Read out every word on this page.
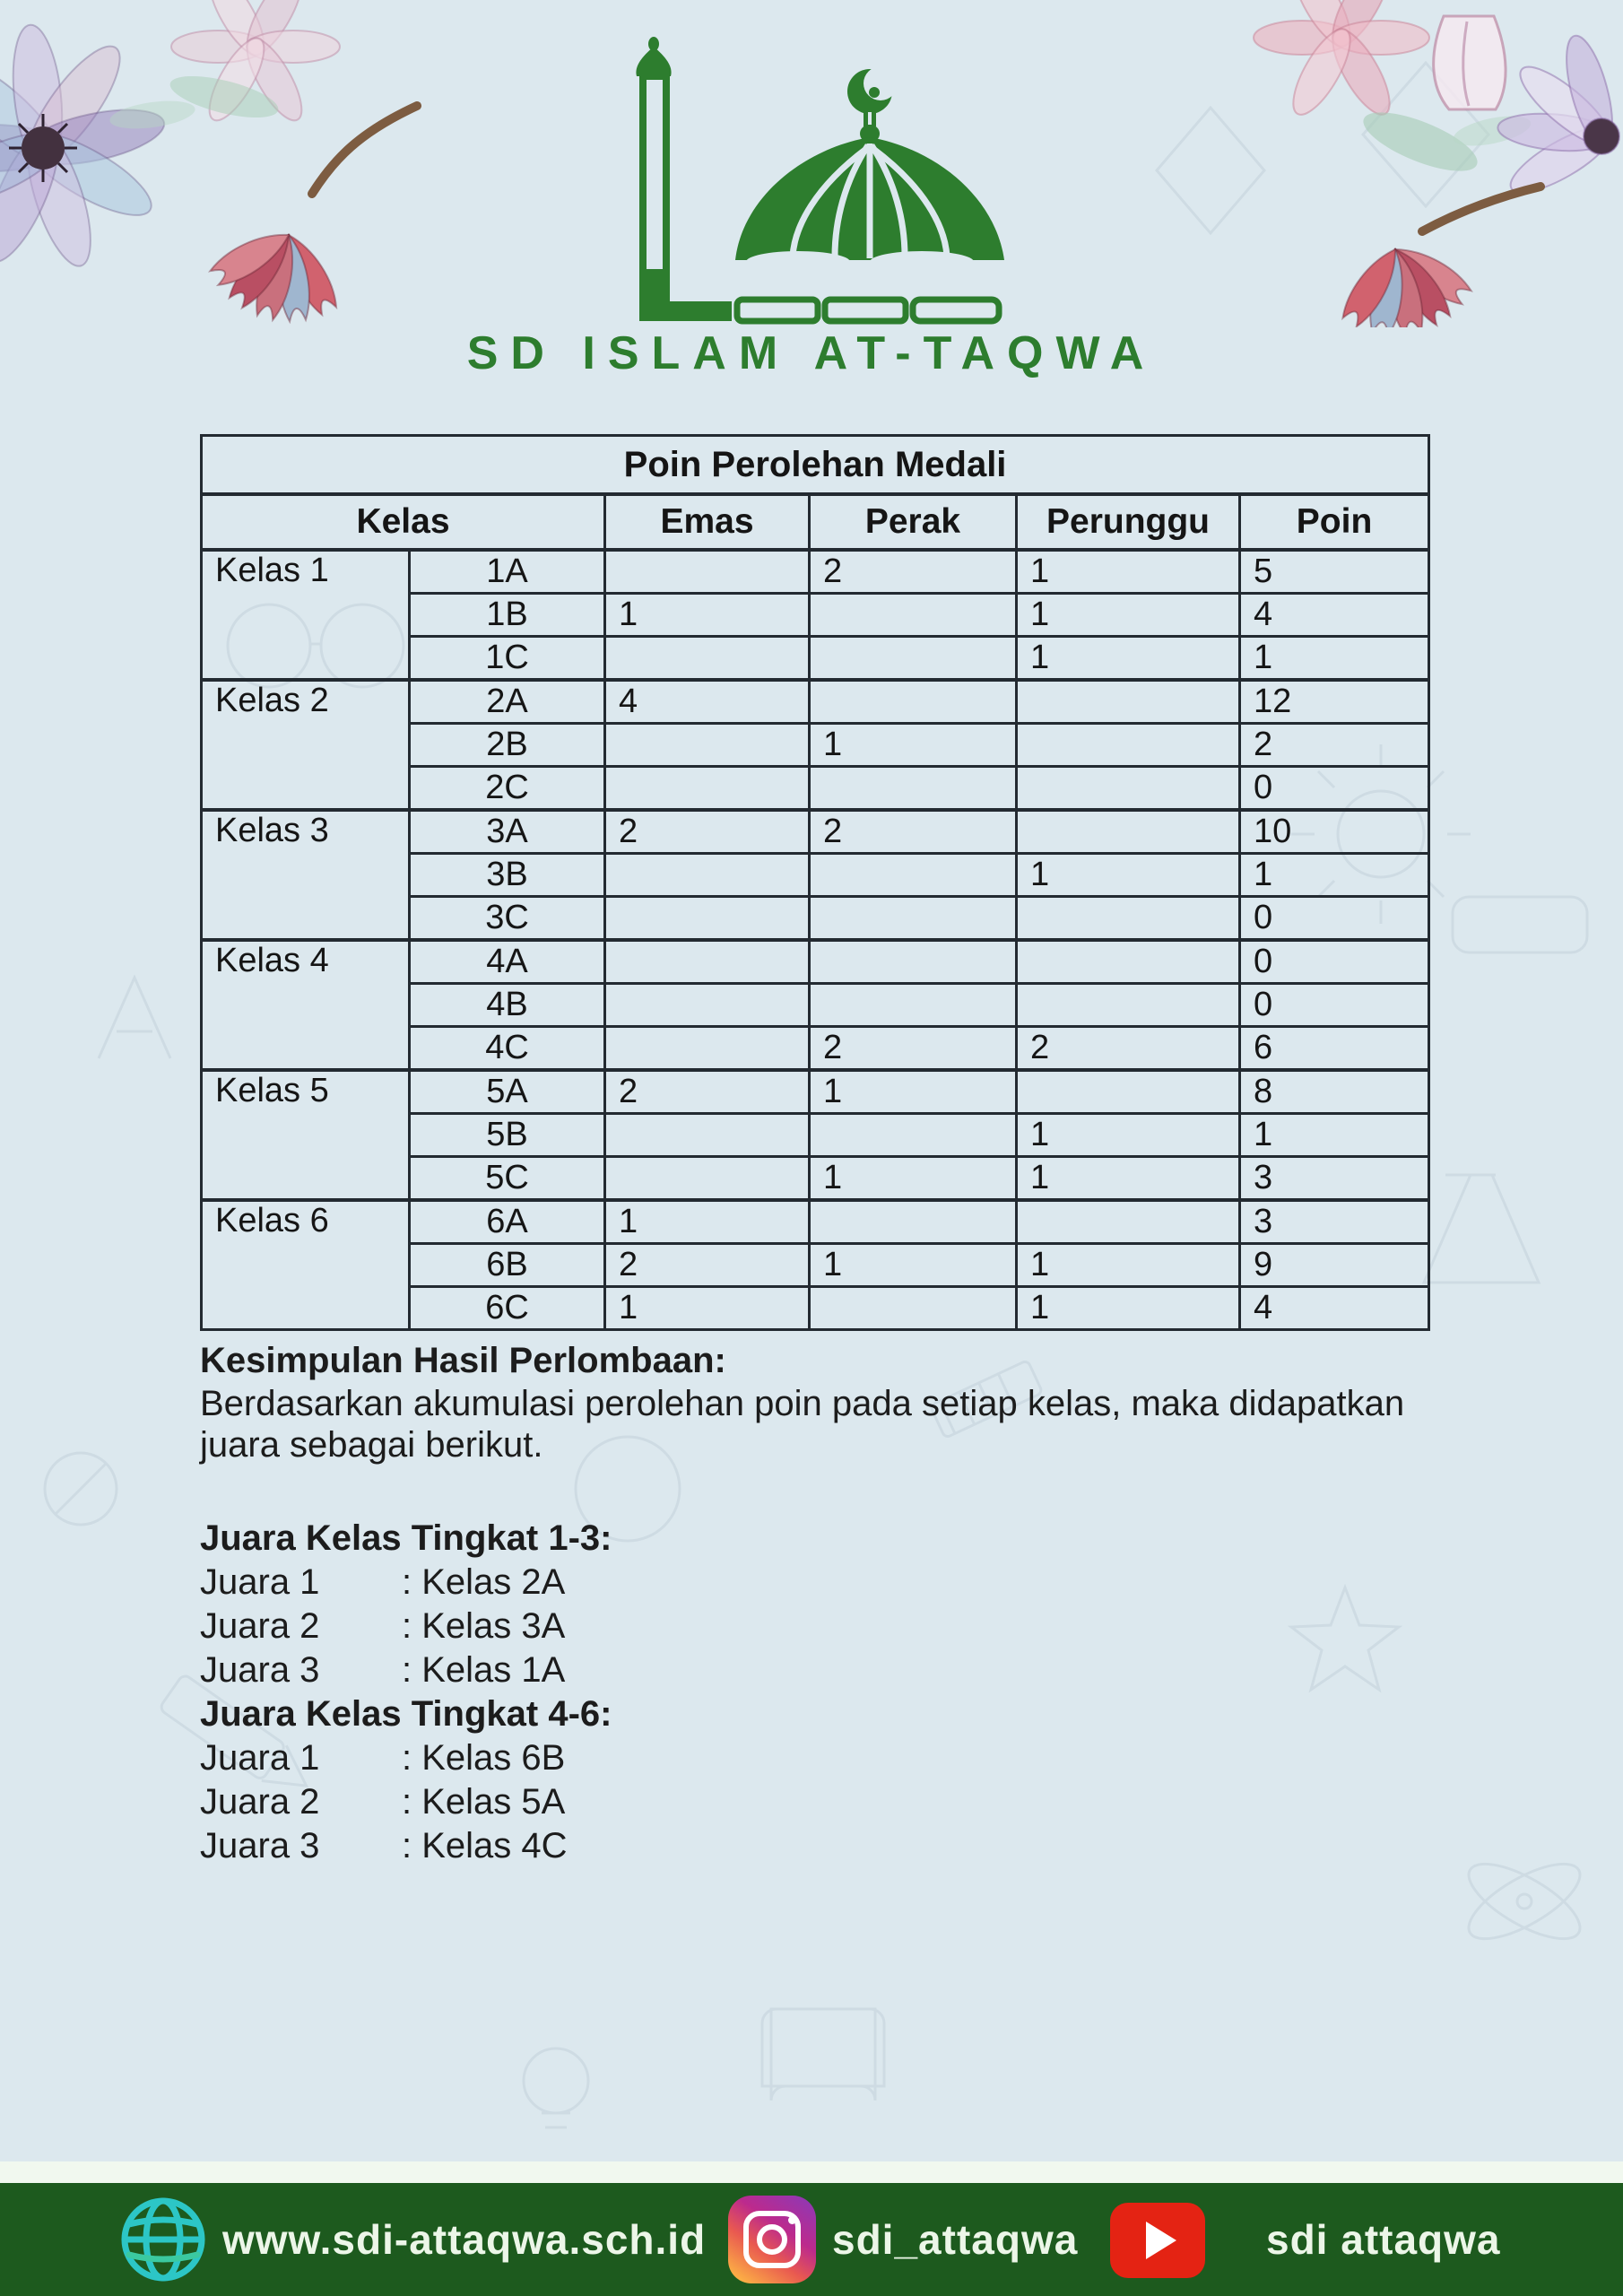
SD ISLAM AT-TAQWA
Poin Perolehan Medali					
Kelas		Emas	Perak	Perunggu	Poin
Kelas 1	1A		2	1	5
	1B	1		1	4
	1C			1	1
Kelas 2	2A	4			12
	2B		1		2
	2C				0
Kelas 3	3A	2	2		10
	3B			1	1
	3C				0
Kelas 4	4A				0
	4B				0
	4C		2	2	6
Kelas 5	5A	2	1		8
	5B			1	1
	5C		1	1	3
Kelas 6	6A	1			3
	6B	2	1	1	9
	6C	1		1	4
Kesimpulan Hasil Perlombaan:
Berdasarkan akumulasi perolehan poin pada setiap kelas, maka didapatkan
juara sebagai berikut.
Juara Kelas Tingkat 1-3:
Juara 1	: Kelas 2A
Juara 2	: Kelas 3A
Juara 3	: Kelas 1A
Juara Kelas Tingkat 4-6:
Juara 1	: Kelas 6B
Juara 2	: Kelas 5A
Juara 3	: Kelas 4C
www.sdi-attaqwa.sch.id	sdi_attaqwa	sdi attaqwa
